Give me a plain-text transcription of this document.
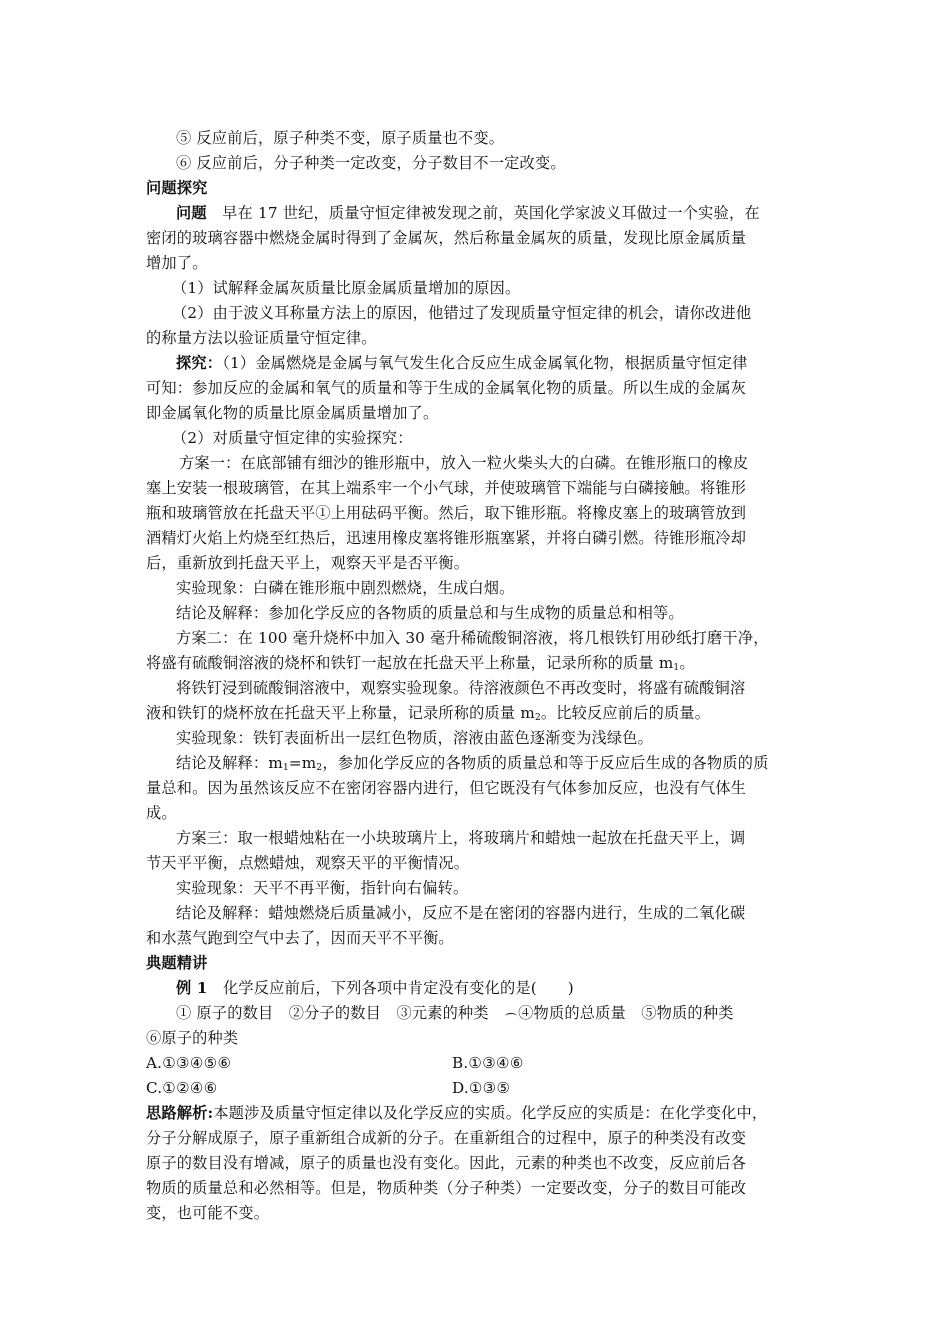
⑤ 反应前后，原子种类不变，原子质量也不变。
⑥ 反应前后，分子种类一定改变，分子数目不一定改变。
问题探究
问题　早在 17 世纪，质量守恒定律被发现之前，英国化学家波义耳做过一个实验，在
密闭的玻璃容器中燃烧金属时得到了金属灰，然后称量金属灰的质量，发现比原金属质量
增加了。
（1）试解释金属灰质量比原金属质量增加的原因。
（2）由于波义耳称量方法上的原因，他错过了发现质量守恒定律的机会，请你改进他
的称量方法以验证质量守恒定律。
探究：（1）金属燃烧是金属与氧气发生化合反应生成金属氧化物，根据质量守恒定律
可知：参加反应的金属和氧气的质量和等于生成的金属氧化物的质量。所以生成的金属灰
即金属氧化物的质量比原金属质量增加了。
（2）对质量守恒定律的实验探究：
方案一：在底部铺有细沙的锥形瓶中，放入一粒火柴头大的白磷。在锥形瓶口的橡皮
塞上安装一根玻璃管，在其上端系牢一个小气球，并使玻璃管下端能与白磷接触。将锥形
瓶和玻璃管放在托盘天平①上用砝码平衡。然后，取下锥形瓶。将橡皮塞上的玻璃管放到
酒精灯火焰上灼烧至红热后，迅速用橡皮塞将锥形瓶塞紧，并将白磷引燃。待锥形瓶冷却
后，重新放到托盘天平上，观察天平是否平衡。
实验现象：白磷在锥形瓶中剧烈燃烧，生成白烟。
结论及解释：参加化学反应的各物质的质量总和与生成物的质量总和相等。
方案二：在 100 毫升烧杯中加入 30 毫升稀硫酸铜溶液，将几根铁钉用砂纸打磨干净，
将盛有硫酸铜溶液的烧杯和铁钉一起放在托盘天平上称量，记录所称的质量 $m_1$。
将铁钉浸到硫酸铜溶液中，观察实验现象。待溶液颜色不再改变时，将盛有硫酸铜溶
液和铁钉的烧杯放在托盘天平上称量，记录所称的质量 $m_2$。比较反应前后的质量。
实验现象：铁钉表面析出一层红色物质，溶液由蓝色逐渐变为浅绿色。
结论及解释：$m_1=m_2$，参加化学反应的各物质的质量总和等于反应后生成的各物质的质
量总和。因为虽然该反应不在密闭容器内进行，但它既没有气体参加反应，也没有气体生
成。
方案三：取一根蜡烛粘在一小块玻璃片上，将玻璃片和蜡烛一起放在托盘天平上，调
节天平平衡，点燃蜡烛，观察天平的平衡情况。
实验现象：天平不再平衡，指针向右偏转。
结论及解释：蜡烛燃烧后质量减小，反应不是在密闭的容器内进行，生成的二氧化碳
和水蒸气跑到空气中去了，因而天平不平衡。
典题精讲
例 1　化学反应前后，下列各项中肯定没有变化的是(　　)
① 原子的数目　②分子的数目　③元素的种类　④物质的总质量　⑤物质的种类
⑥原子的种类
A.①③④⑤⑥	B.①③④⑥
C.①②④⑥	D.①③⑤
思路解析:本题涉及质量守恒定律以及化学反应的实质。化学反应的实质是：在化学变化中，
分子分解成原子，原子重新组合成新的分子。在重新组合的过程中，原子的种类没有改变
原子的数目没有增减，原子的质量也没有变化。因此，元素的种类也不改变，反应前后各
物质的质量总和必然相等。但是，物质种类（分子种类）一定要改变，分子的数目可能改
变，也可能不变。
